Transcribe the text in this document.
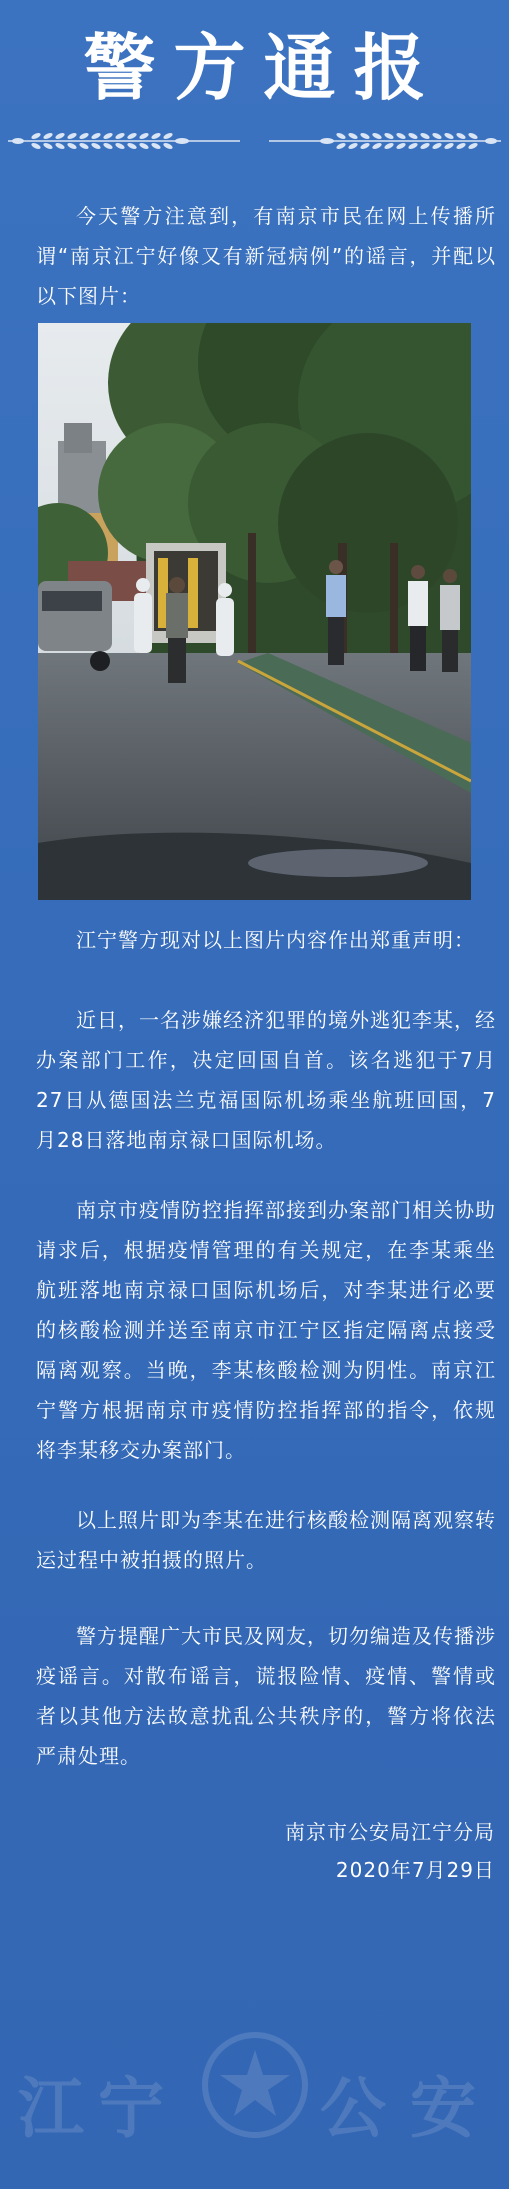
警方通报

今天警方注意到，有南京市民在网上传播所谓“南京江宁好像又有新冠病例”的谣言，并配以以下图片：

江宁警方现对以上图片内容作出郑重声明：

近日，一名涉嫌经济犯罪的境外逃犯李某，经办案部门工作，决定回国自首。该名逃犯于7月27日从德国法兰克福国际机场乘坐航班回国，7月28日落地南京禄口国际机场。

南京市疫情防控指挥部接到办案部门相关协助请求后，根据疫情管理的有关规定，在李某乘坐航班落地南京禄口国际机场后，对李某进行必要的核酸检测并送至南京市江宁区指定隔离点接受隔离观察。当晚，李某核酸检测为阴性。南京江宁警方根据南京市疫情防控指挥部的指令，依规将李某移交办案部门。

以上照片即为李某在进行核酸检测隔离观察转运过程中被拍摄的照片。

警方提醒广大市民及网友，切勿编造及传播涉疫谣言。对散布谣言，谎报险情、疫情、警情或者以其他方法故意扰乱公共秩序的，警方将依法严肃处理。

南京市公安局江宁分局
2020年7月29日
江 宁 公 安
